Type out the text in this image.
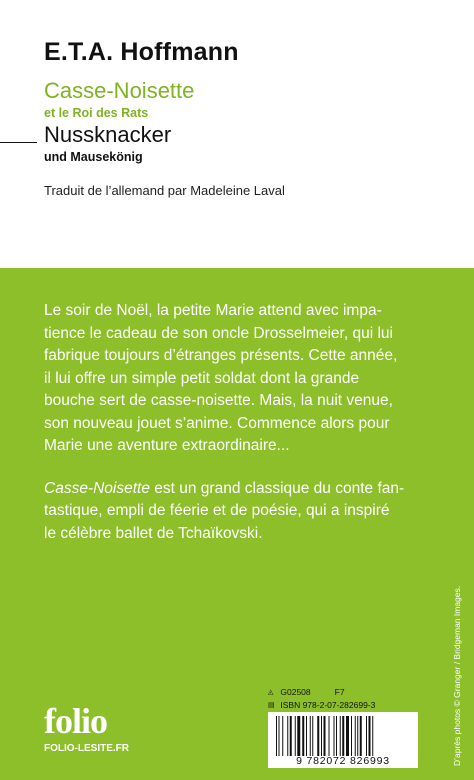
E.T.A. Hoffmann
Casse-Noisette
et le Roi des Rats
Nussknacker
und Mausekönig
Traduit de l’allemand par Madeleine Laval

Le soir de Noël, la petite Marie attend avec impa-
tience le cadeau de son oncle Drosselmeier, qui lui
fabrique toujours d’étranges présents. Cette année,
il lui offre un simple petit soldat dont la grande
bouche sert de casse-noisette. Mais, la nuit venue,
son nouveau jouet s’anime. Commence alors pour
Marie une aventure extraordinaire...

Casse-Noisette est un grand classique du conte fan-
tastique, empli de féerie et de poésie, qui a inspiré
le célèbre ballet de Tchaïkovski.

D’après photos © Granger / Bridgeman Images.
folio
FOLIO-LESITE.FR
◬ G02508	F7
▤ ISBN 978-2-07-282699-3
9 782072 826993
